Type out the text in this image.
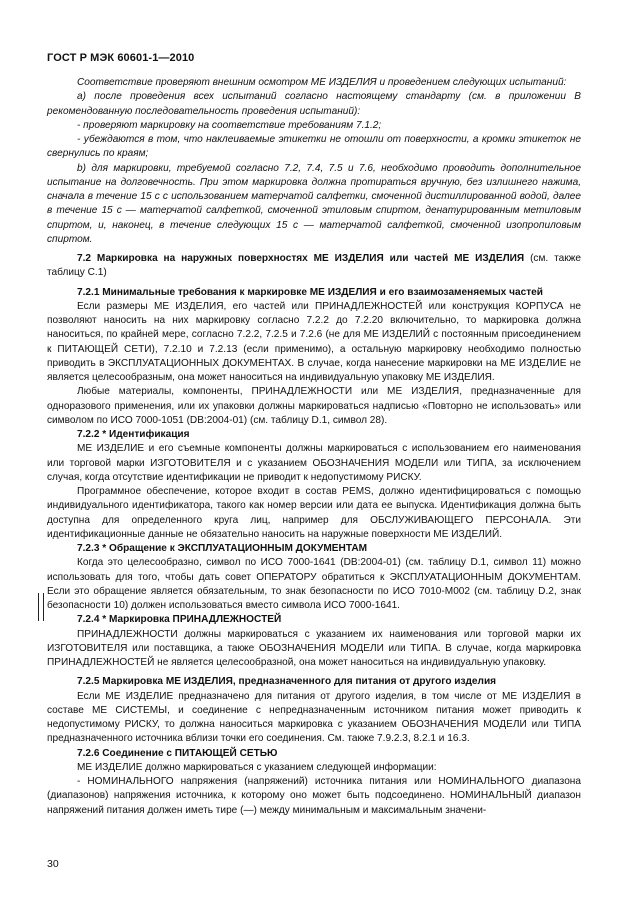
ГОСТ Р МЭК 60601-1—2010

Соответствие проверяют внешним осмотром МЕ ИЗДЕЛИЯ и проведением следующих испытаний:

a) после проведения всех испытаний согласно настоящему стандарту (см. в приложении В рекомендованную последовательность проведения испытаний):

- проверяют маркировку на соответствие требованиям 7.1.2;

- убеждаются в том, что наклеиваемые этикетки не отошли от поверхности, а кромки этикеток не свернулись по краям;

b) для маркировки, требуемой согласно 7.2, 7.4, 7.5 и 7.6, необходимо проводить дополнительное испытание на долговечность. При этом маркировка должна протираться вручную, без излишнего нажима, сначала в течение 15 с с использованием матерчатой салфетки, смоченной дистиллированной водой, далее в течение 15 с — матерчатой салфеткой, смоченной этиловым спиртом, денатурированным метиловым спиртом, и, наконец, в течение следующих 15 с — матерчатой салфеткой, смоченной изопропиловым спиртом.

7.2 Маркировка на наружных поверхностях МЕ ИЗДЕЛИЯ или частей МЕ ИЗДЕЛИЯ (см. также таблицу С.1)

7.2.1 Минимальные требования к маркировке МЕ ИЗДЕЛИЯ и его взаимозаменяемых частей

Если размеры МЕ ИЗДЕЛИЯ, его частей или ПРИНАДЛЕЖНОСТЕЙ или конструкция КОРПУСА не позволяют наносить на них маркировку согласно 7.2.2 до 7.2.20 включительно, то маркировка должна наноситься, по крайней мере, согласно 7.2.2, 7.2.5 и 7.2.6 (не для МЕ ИЗДЕЛИЙ с постоянным присоединением к ПИТАЮЩЕЙ СЕТИ), 7.2.10 и 7.2.13 (если применимо), а остальную маркировку необходимо полностью приводить в ЭКСПЛУАТАЦИОННЫХ ДОКУМЕНТАХ. В случае, когда нанесение маркировки на МЕ ИЗДЕЛИЕ не является целесообразным, она может наноситься на индивидуальную упаковку МЕ ИЗДЕЛИЯ.

Любые материалы, компоненты, ПРИНАДЛЕЖНОСТИ или МЕ ИЗДЕЛИЯ, предназначенные для одноразового применения, или их упаковки должны маркироваться надписью «Повторно не использовать» или символом по ИСО 7000-1051 (DB:2004-01) (см. таблицу D.1, символ 28).

7.2.2 * Идентификация

МЕ ИЗДЕЛИЕ и его съемные компоненты должны маркироваться с использованием его наименования или торговой марки ИЗГОТОВИТЕЛЯ и с указанием ОБОЗНАЧЕНИЯ МОДЕЛИ или ТИПА, за исключением случая, когда отсутствие идентификации не приводит к недопустимому РИСКУ.

Программное обеспечение, которое входит в состав PEMS, должно идентифицироваться с помощью индивидуального идентификатора, такого как номер версии или дата ее выпуска. Идентификация должна быть доступна для определенного круга лиц, например для ОБСЛУЖИВАЮЩЕГО ПЕРСОНАЛА. Эти идентификационные данные не обязательно наносить на наружные поверхности МЕ ИЗДЕЛИЙ.

7.2.3 * Обращение к ЭКСПЛУАТАЦИОННЫМ ДОКУМЕНТАМ

Когда это целесообразно, символ по ИСО 7000-1641 (DB:2004-01) (см. таблицу D.1, символ 11) можно использовать для того, чтобы дать совет ОПЕРАТОРУ обратиться к ЭКСПЛУАТАЦИОННЫМ ДОКУМЕНТАМ. Если это обращение является обязательным, то знак безопасности по ИСО 7010-М002 (см. таблицу D.2, знак безопасности 10) должен использоваться вместо символа ИСО 7000-1641.

7.2.4 * Маркировка ПРИНАДЛЕЖНОСТЕЙ

ПРИНАДЛЕЖНОСТИ должны маркироваться с указанием их наименования или торговой марки их ИЗГОТОВИТЕЛЯ или поставщика, а также ОБОЗНАЧЕНИЯ МОДЕЛИ или ТИПА. В случае, когда маркировка ПРИНАДЛЕЖНОСТЕЙ не является целесообразной, она может наноситься на индивидуальную упаковку.

7.2.5 Маркировка МЕ ИЗДЕЛИЯ, предназначенного для питания от другого изделия

Если МЕ ИЗДЕЛИЕ предназначено для питания от другого изделия, в том числе от МЕ ИЗДЕЛИЯ в составе МЕ СИСТЕМЫ, и соединение с непредназначенным источником питания может приводить к недопустимому РИСКУ, то должна наноситься маркировка с указанием ОБОЗНАЧЕНИЯ МОДЕЛИ или ТИПА предназначенного источника вблизи точки его соединения. См. также 7.9.2.3, 8.2.1 и 16.3.

7.2.6 Соединение с ПИТАЮЩЕЙ СЕТЬЮ

МЕ ИЗДЕЛИЕ должно маркироваться с указанием следующей информации:

- НОМИНАЛЬНОГО напряжения (напряжений) источника питания или НОМИНАЛЬНОГО диапазона (диапазонов) напряжения источника, к которому оно может быть подсоединено. НОМИНАЛЬНЫЙ диапазон напряжений питания должен иметь тире (—) между минимальным и максимальным значени-

30
